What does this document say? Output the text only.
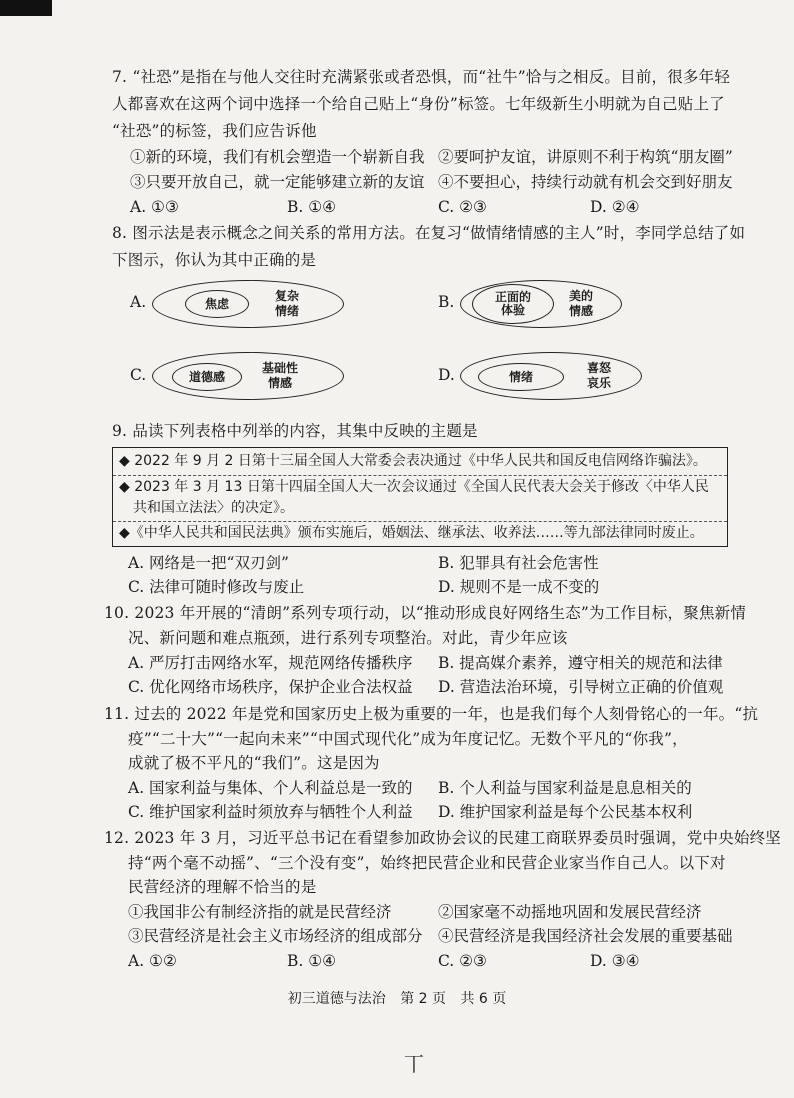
7. “社恐”是指在与他人交往时充满紧张或者恐惧，而“社牛”恰与之相反。目前，很多年轻
人都喜欢在这两个词中选择一个给自己贴上“身份”标签。七年级新生小明就为自己贴上了
“社恐”的标签，我们应告诉他
①新的环境，我们有机会塑造一个崭新自我 ②要呵护友谊，讲原则不利于构筑“朋友圈”
③只要开放自己，就一定能够建立新的友谊 ④不要担心，持续行动就有机会交到好朋友
A. ①③	B. ①④	C. ②③	D. ②④
8. 图示法是表示概念之间关系的常用方法。在复习“做情绪情感的主人”时，李同学总结了如
下图示，你认为其中正确的是
A.	焦虑
复杂
情绪	B.	正面的
体验
美的
情感
C.	道德感
基础性
情感	D.	情绪
喜怒
哀乐
9. 品读下列表格中列举的内容，其集中反映的主题是
◆ 2022 年 9 月 2 日第十三届全国人大常委会表决通过《中华人民共和国反电信网络诈骗法》。
◆ 2023 年 3 月 13 日第十四届全国人大一次会议通过《全国人民代表大会关于修改〈中华人民
共和国立法法〉的决定》。
◆《中华人民共和国民法典》颁布实施后，婚姻法、继承法、收养法……等九部法律同时废止。
A. 网络是一把“双刃剑”	B. 犯罪具有社会危害性
C. 法律可随时修改与废止	D. 规则不是一成不变的
10. 2023 年开展的“清朗”系列专项行动，以“推动形成良好网络生态”为工作目标，聚焦新情
况、新问题和难点瓶颈，进行系列专项整治。对此，青少年应该
A. 严厉打击网络水军，规范网络传播秩序 B. 提高媒介素养，遵守相关的规范和法律
C. 优化网络市场秩序，保护企业合法权益 D. 营造法治环境，引导树立正确的价值观
11. 过去的 2022 年是党和国家历史上极为重要的一年，也是我们每个人刻骨铭心的一年。“抗
疫”“二十大”“一起向未来”“中国式现代化”成为年度记忆。无数个平凡的“你我”，
成就了极不平凡的“我们”。这是因为
A. 国家利益与集体、个人利益总是一致的 B. 个人利益与国家利益是息息相关的
C. 维护国家利益时须放弃与牺牲个人利益 D. 维护国家利益是每个公民基本权利
12. 2023 年 3 月，习近平总书记在看望参加政协会议的民建工商联界委员时强调，党中央始终坚
持“两个毫不动摇”、“三个没有变”，始终把民营企业和民营企业家当作自己人。以下对
民营经济的理解不恰当的是
①我国非公有制经济指的就是民营经济	②国家毫不动摇地巩固和发展民营经济
③民营经济是社会主义市场经济的组成部分 ④民营经济是我国经济社会发展的重要基础
A. ①②	B. ①④	C. ②③	D. ③④
初三道德与法治 第 2 页 共 6 页
丅
